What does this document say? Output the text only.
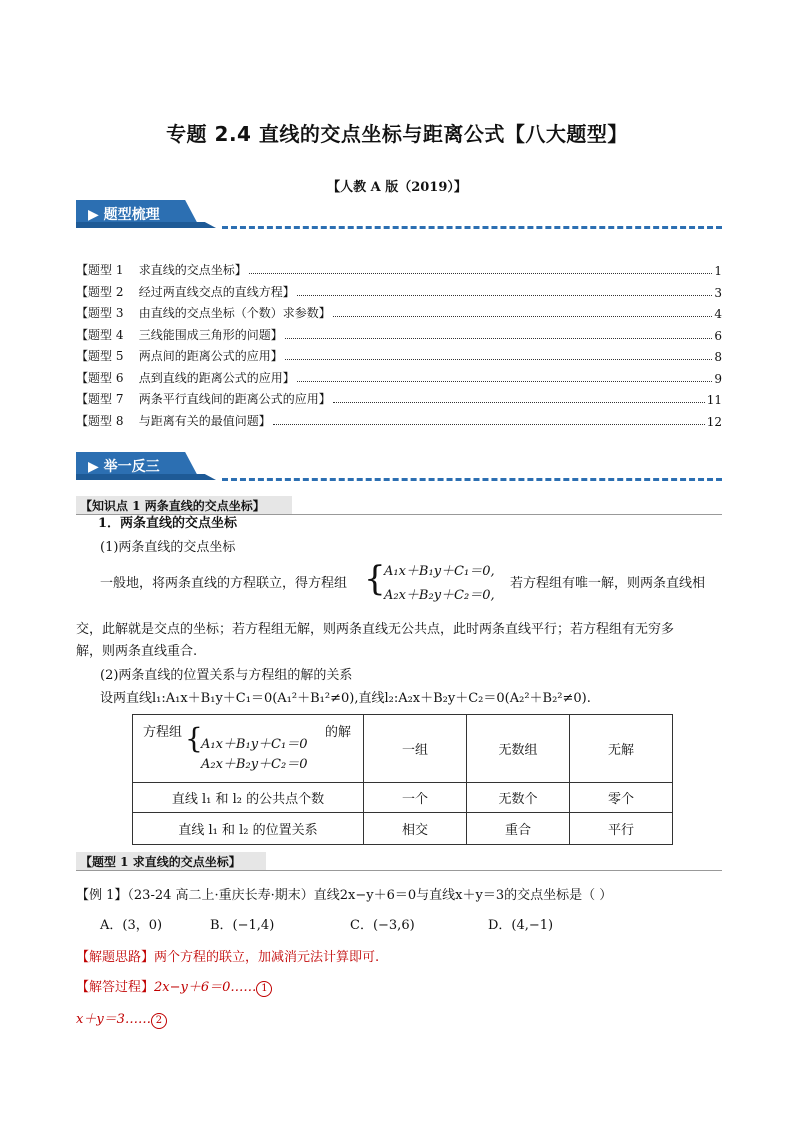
专题 2.4 直线的交点坐标与距离公式【八大题型】
【人教 A 版（2019）】
▶ 题型梳理
【题型 1    求直线的交点坐标】	1
【题型 2    经过两直线交点的直线方程】	3
【题型 3    由直线的交点坐标（个数）求参数】	4
【题型 4    三线能围成三角形的问题】	6
【题型 5    两点间的距离公式的应用】	8
【题型 6    点到直线的距离公式的应用】	9
【题型 7    两条平行直线间的距离公式的应用】	11
【题型 8    与距离有关的最值问题】	12
▶ 举一反三
【知识点 1 两条直线的交点坐标】
1．两条直线的交点坐标
(1)两条直线的交点坐标
一般地，将两条直线的方程联立，得方程组 {
A₁x＋B₁y＋C₁＝0,
A₂x＋B₂y＋C₂＝0,
若方程组有唯一解，则两条直线相
交，此解就是交点的坐标；若方程组无解，则两条直线无公共点，此时两条直线平行；若方程组有无穷多
解，则两条直线重合.
(2)两条直线的位置关系与方程组的解的关系
设两直线l₁:A₁x＋B₁y＋C₁＝0(A₁²＋B₁²≠0),直线l₂:A₂x＋B₂y＋C₂＝0(A₂²＋B₂²≠0).
方程组 {
A₁x＋B₁y＋C₁＝0
A₂x＋B₂y＋C₂＝0
的解	一组	无数组	无解
直线 l₁ 和 l₂ 的公共点个数	一个	无数个	零个
直线 l₁ 和 l₂ 的位置关系	相交	重合	平行
【题型 1 求直线的交点坐标】
【例 1】（23-24 高二上·重庆长寿·期末）直线2x−y＋6＝0与直线x＋y＝3的交点坐标是（ ）
A．(3，0)	B．(−1,4)	C．(−3,6)	D．(4,−1)
【解题思路】两个方程的联立，加减消元法计算即可.
【解答过程】2x−y＋6＝0…… 1
x＋y＝3…… 2
